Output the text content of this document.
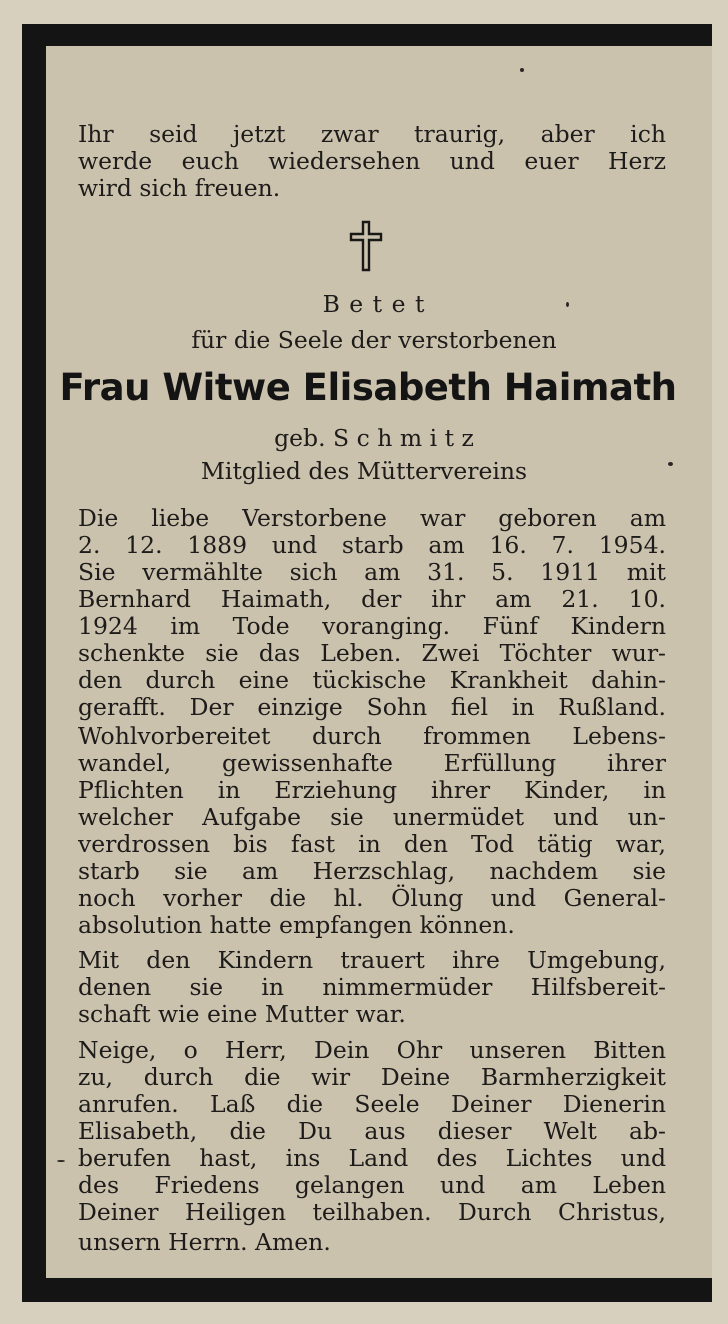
Ihr seid jetzt zwar traurig, aber ich
werde euch wiedersehen und euer Herz
wird sich freuen.
B e t e t
für die Seele der verstorbenen
Frau Witwe Elisabeth Haimath
geb. S c h m i t z
Mitglied des Müttervereins
Die liebe Verstorbene war geboren am
2. 12. 1889 und starb am 16. 7. 1954.
Sie vermählte sich am 31. 5. 1911 mit
Bernhard Haimath, der ihr am 21. 10.
1924 im Tode voranging. Fünf Kindern
schenkte sie das Leben. Zwei Töchter wur-
den durch eine tückische Krankheit dahin-
gerafft. Der einzige Sohn fiel in Rußland.
Wohlvorbereitet durch frommen Lebens-
wandel, gewissenhafte Erfüllung ihrer
Pflichten in Erziehung ihrer Kinder, in
welcher Aufgabe sie unermüdet und un-
verdrossen bis fast in den Tod tätig war,
starb sie am Herzschlag, nachdem sie
noch vorher die hl. Ölung und General-
absolution hatte empfangen können.
Mit den Kindern trauert ihre Umgebung,
denen sie in nimmermüder Hilfsbereit-
schaft wie eine Mutter war.
Neige, o Herr, Dein Ohr unseren Bitten
zu, durch die wir Deine Barmherzigkeit
anrufen. Laß die Seele Deiner Dienerin
Elisabeth, die Du aus dieser Welt ab-
berufen hast, ins Land des Lichtes und
des Friedens gelangen und am Leben
Deiner Heiligen teilhaben. Durch Christus,
unsern Herrn. Amen.
